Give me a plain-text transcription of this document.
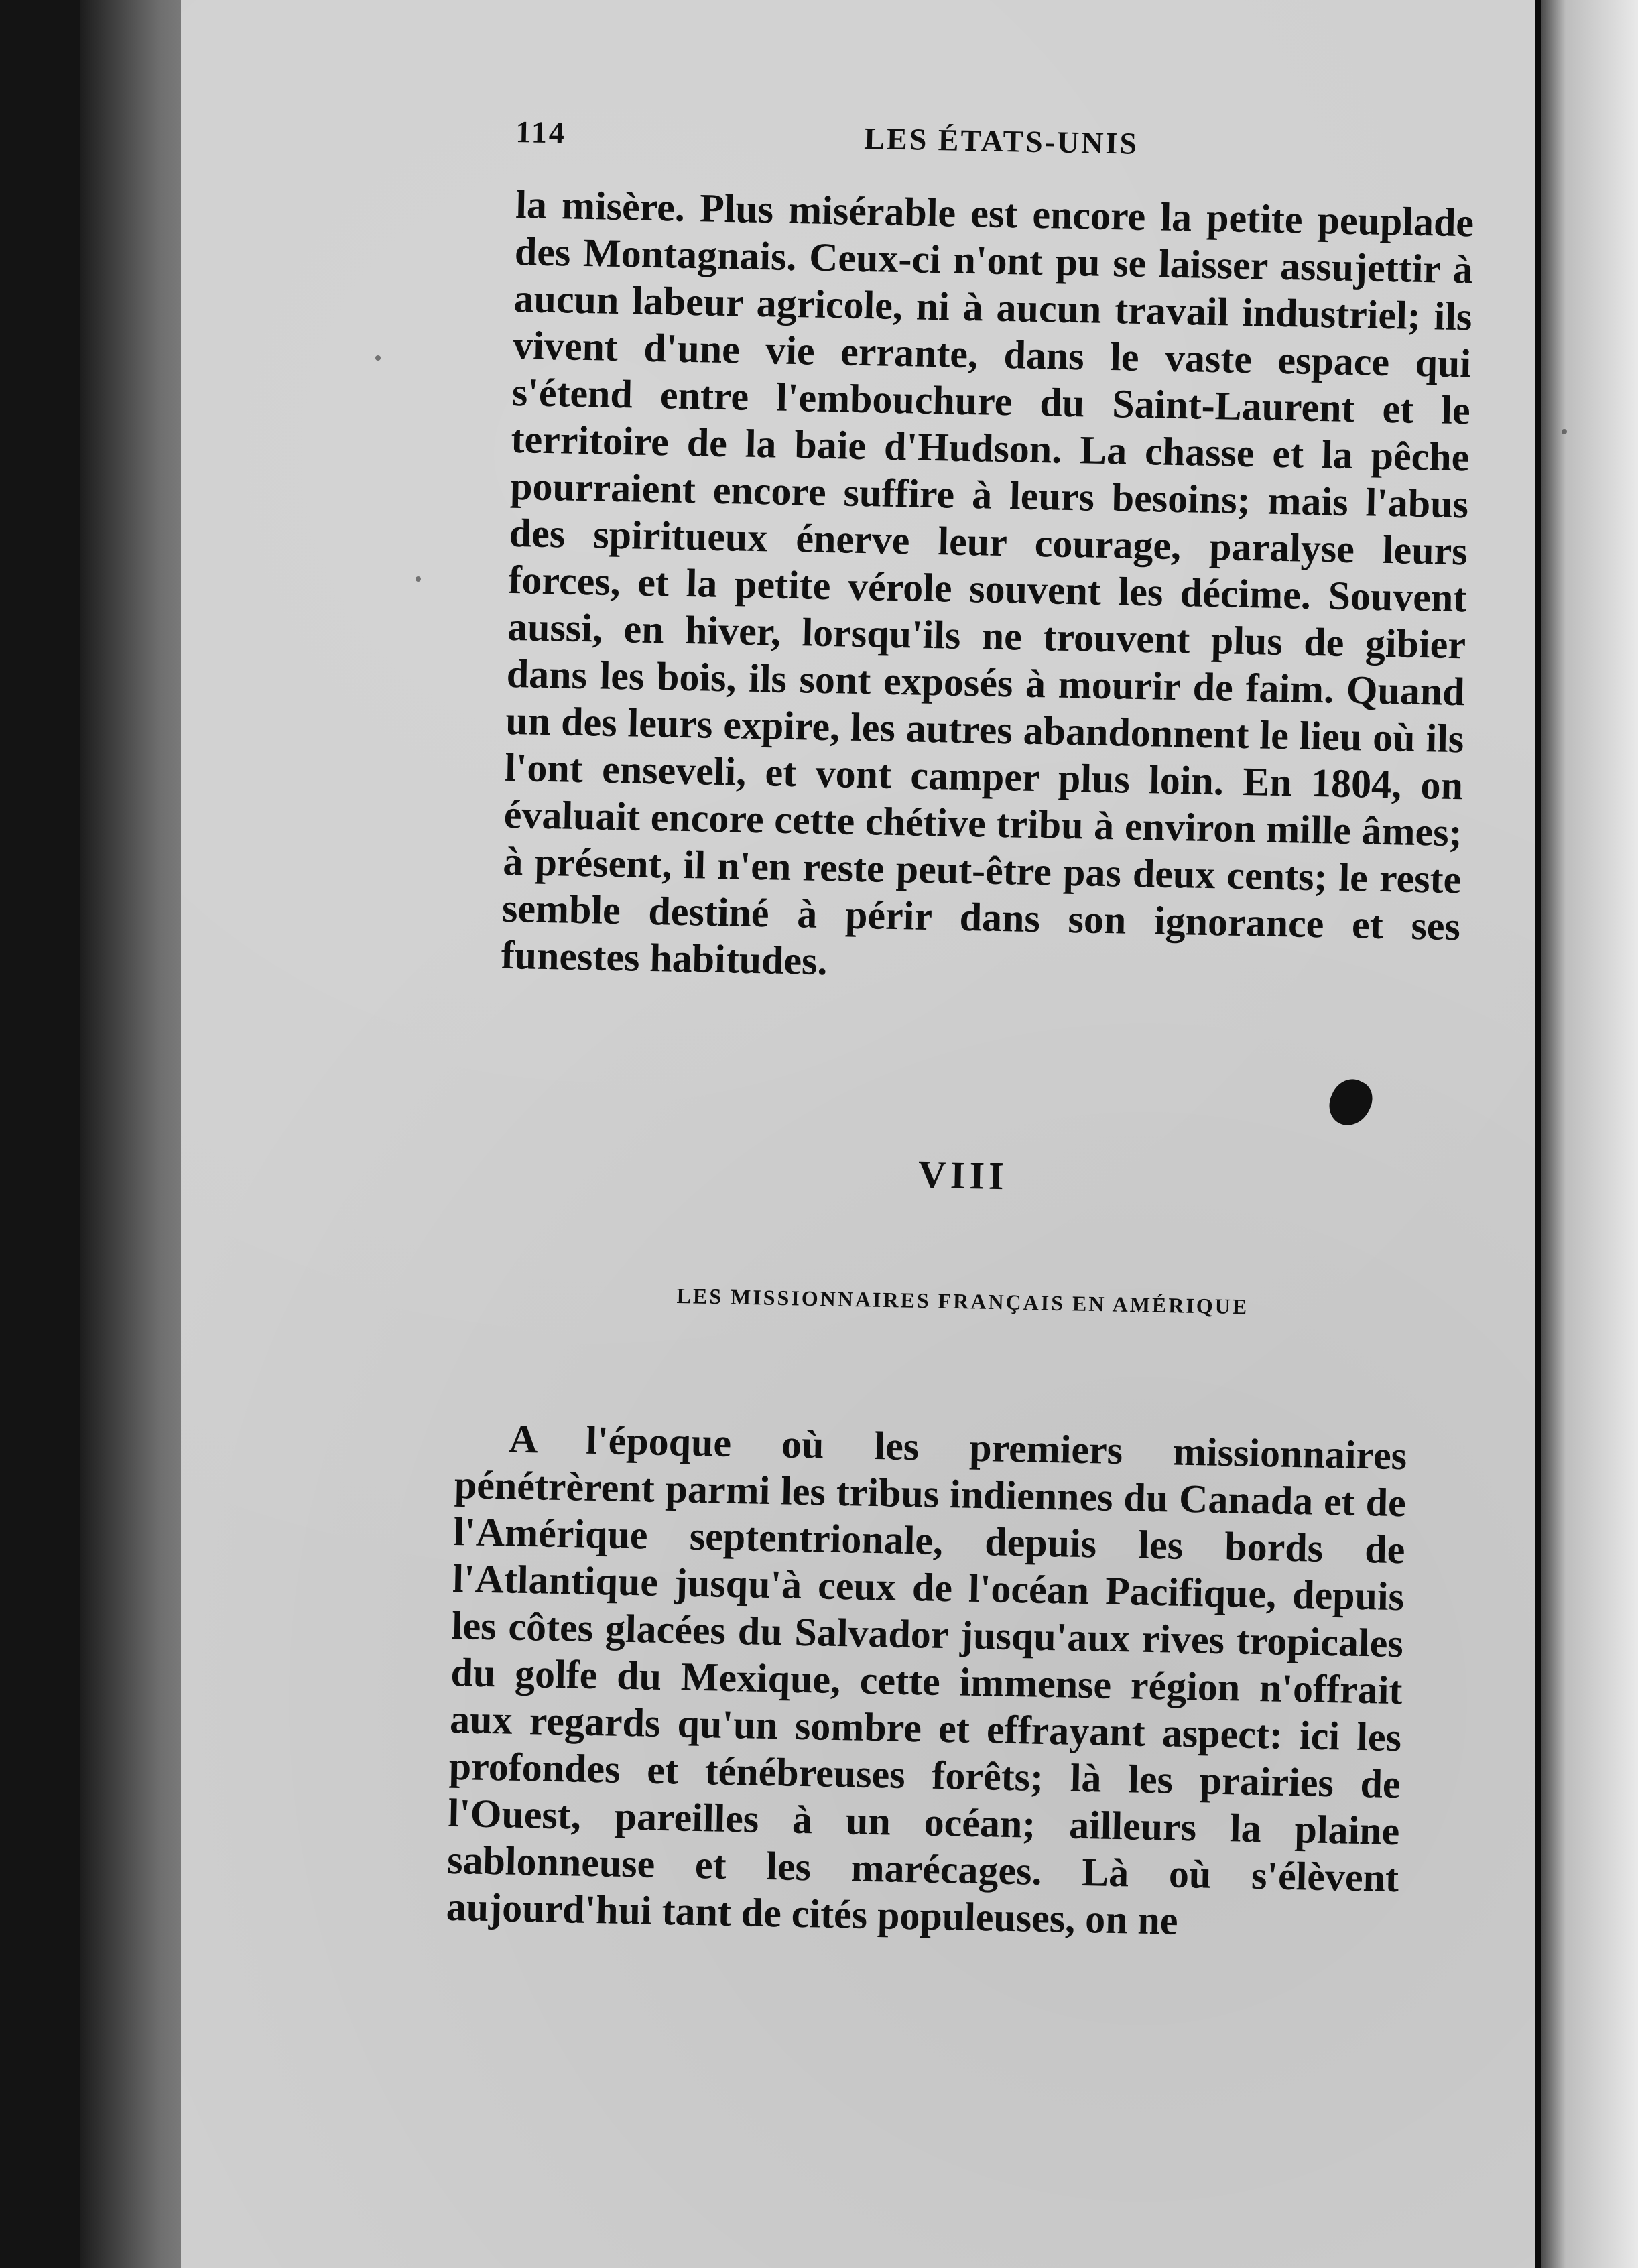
114	LES ÉTATS-UNIS

la misère. Plus misérable est encore la petite peuplade des Montagnais. Ceux-ci n'ont pu se laisser assujettir à aucun labeur agricole, ni à aucun travail industriel; ils vivent d'une vie errante, dans le vaste espace qui s'étend entre l'embouchure du Saint-Laurent et le territoire de la baie d'Hudson. La chasse et la pêche pourraient encore suffire à leurs besoins; mais l'abus des spiritueux énerve leur courage, paralyse leurs forces, et la petite vérole souvent les décime. Souvent aussi, en hiver, lorsqu'ils ne trouvent plus de gibier dans les bois, ils sont exposés à mourir de faim. Quand un des leurs expire, les autres abandonnent le lieu où ils l'ont enseveli, et vont camper plus loin. En 1804, on évaluait encore cette chétive tribu à environ mille âmes; à présent, il n'en reste peut-être pas deux cents; le reste semble destiné à périr dans son ignorance et ses funestes habitudes.

VIII
LES MISSIONNAIRES FRANÇAIS EN AMÉRIQUE

A l'époque où les premiers missionnaires pénétrèrent parmi les tribus indiennes du Canada et de l'Amérique septentrionale, depuis les bords de l'Atlantique jusqu'à ceux de l'océan Pacifique, depuis les côtes glacées du Salvador jusqu'aux rives tropicales du golfe du Mexique, cette immense région n'offrait aux regards qu'un sombre et effrayant aspect: ici les profondes et ténébreuses forêts; là les prairies de l'Ouest, pareilles à un océan; ailleurs la plaine sablonneuse et les marécages. Là où s'élèvent aujourd'hui tant de cités populeuses, on ne
